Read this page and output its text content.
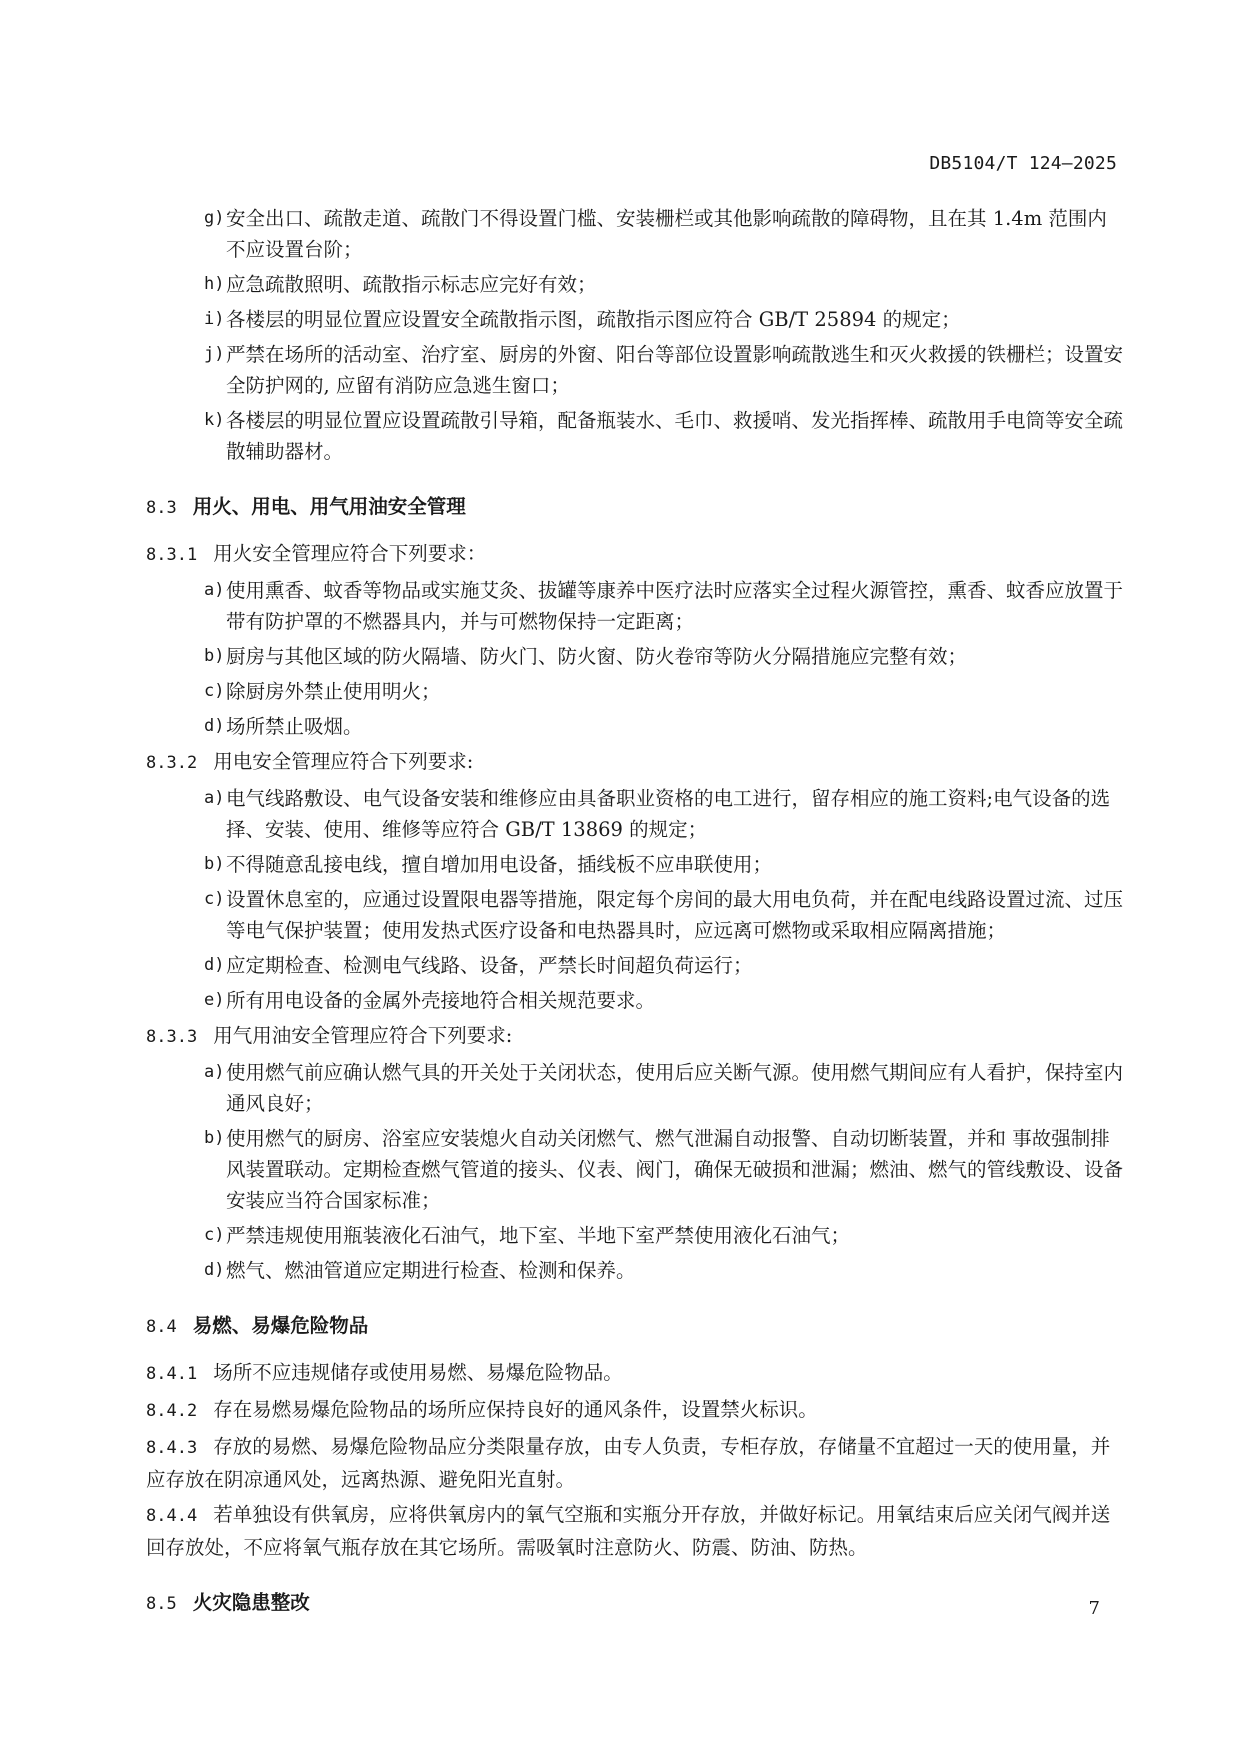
DB5104/T 124—2025
g) 安全出口、疏散走道、疏散门不得设置门槛、安装栅栏或其他影响疏散的障碍物，且在其 1.4m 范围内不应设置台阶；
h) 应急疏散照明、疏散指示标志应完好有效；
i) 各楼层的明显位置应设置安全疏散指示图，疏散指示图应符合 GB/T 25894 的规定；
j) 严禁在场所的活动室、治疗室、厨房的外窗、阳台等部位设置影响疏散逃生和灭火救援的铁栅栏；设置安全防护网的, 应留有消防应急逃生窗口；
k) 各楼层的明显位置应设置疏散引导箱，配备瓶装水、毛巾、救援哨、发光指挥棒、疏散用手电筒等安全疏散辅助器材。
8.3 用火、用电、用气用油安全管理
8.3.1 用火安全管理应符合下列要求：
a) 使用熏香、蚊香等物品或实施艾灸、拔罐等康养中医疗法时应落实全过程火源管控，熏香、蚊香应放置于带有防护罩的不燃器具内，并与可燃物保持一定距离；
b) 厨房与其他区域的防火隔墙、防火门、防火窗、防火卷帘等防火分隔措施应完整有效；
c) 除厨房外禁止使用明火；
d) 场所禁止吸烟。
8.3.2 用电安全管理应符合下列要求:
a) 电气线路敷设、电气设备安装和维修应由具备职业资格的电工进行，留存相应的施工资料;电气设备的选择、安装、使用、维修等应符合 GB/T 13869 的规定；
b) 不得随意乱接电线，擅自增加用电设备，插线板不应串联使用；
c) 设置休息室的，应通过设置限电器等措施，限定每个房间的最大用电负荷，并在配电线路设置过流、过压等电气保护装置；使用发热式医疗设备和电热器具时，应远离可燃物或采取相应隔离措施；
d) 应定期检查、检测电气线路、设备，严禁长时间超负荷运行；
e) 所有用电设备的金属外壳接地符合相关规范要求。
8.3.3 用气用油安全管理应符合下列要求:
a) 使用燃气前应确认燃气具的开关处于关闭状态，使用后应关断气源。使用燃气期间应有人看护，保持室内通风良好；
b) 使用燃气的厨房、浴室应安装熄火自动关闭燃气、燃气泄漏自动报警、自动切断装置，并和 事故强制排风装置联动。定期检查燃气管道的接头、仪表、阀门，确保无破损和泄漏；燃油、燃气的管线敷设、设备安装应当符合国家标准；
c) 严禁违规使用瓶装液化石油气，地下室、半地下室严禁使用液化石油气；
d) 燃气、燃油管道应定期进行检查、检测和保养。
8.4 易燃、易爆危险物品
8.4.1 场所不应违规储存或使用易燃、易爆危险物品。
8.4.2 存在易燃易爆危险物品的场所应保持良好的通风条件，设置禁火标识。
8.4.3 存放的易燃、易爆危险物品应分类限量存放，由专人负责，专柜存放，存储量不宜超过一天的使用量，并应存放在阴凉通风处，远离热源、避免阳光直射。
8.4.4 若单独设有供氧房，应将供氧房内的氧气空瓶和实瓶分开存放，并做好标记。用氧结束后应关闭气阀并送回存放处，不应将氧气瓶存放在其它场所。需吸氧时注意防火、防震、防油、防热。
8.5 火灾隐患整改	7
